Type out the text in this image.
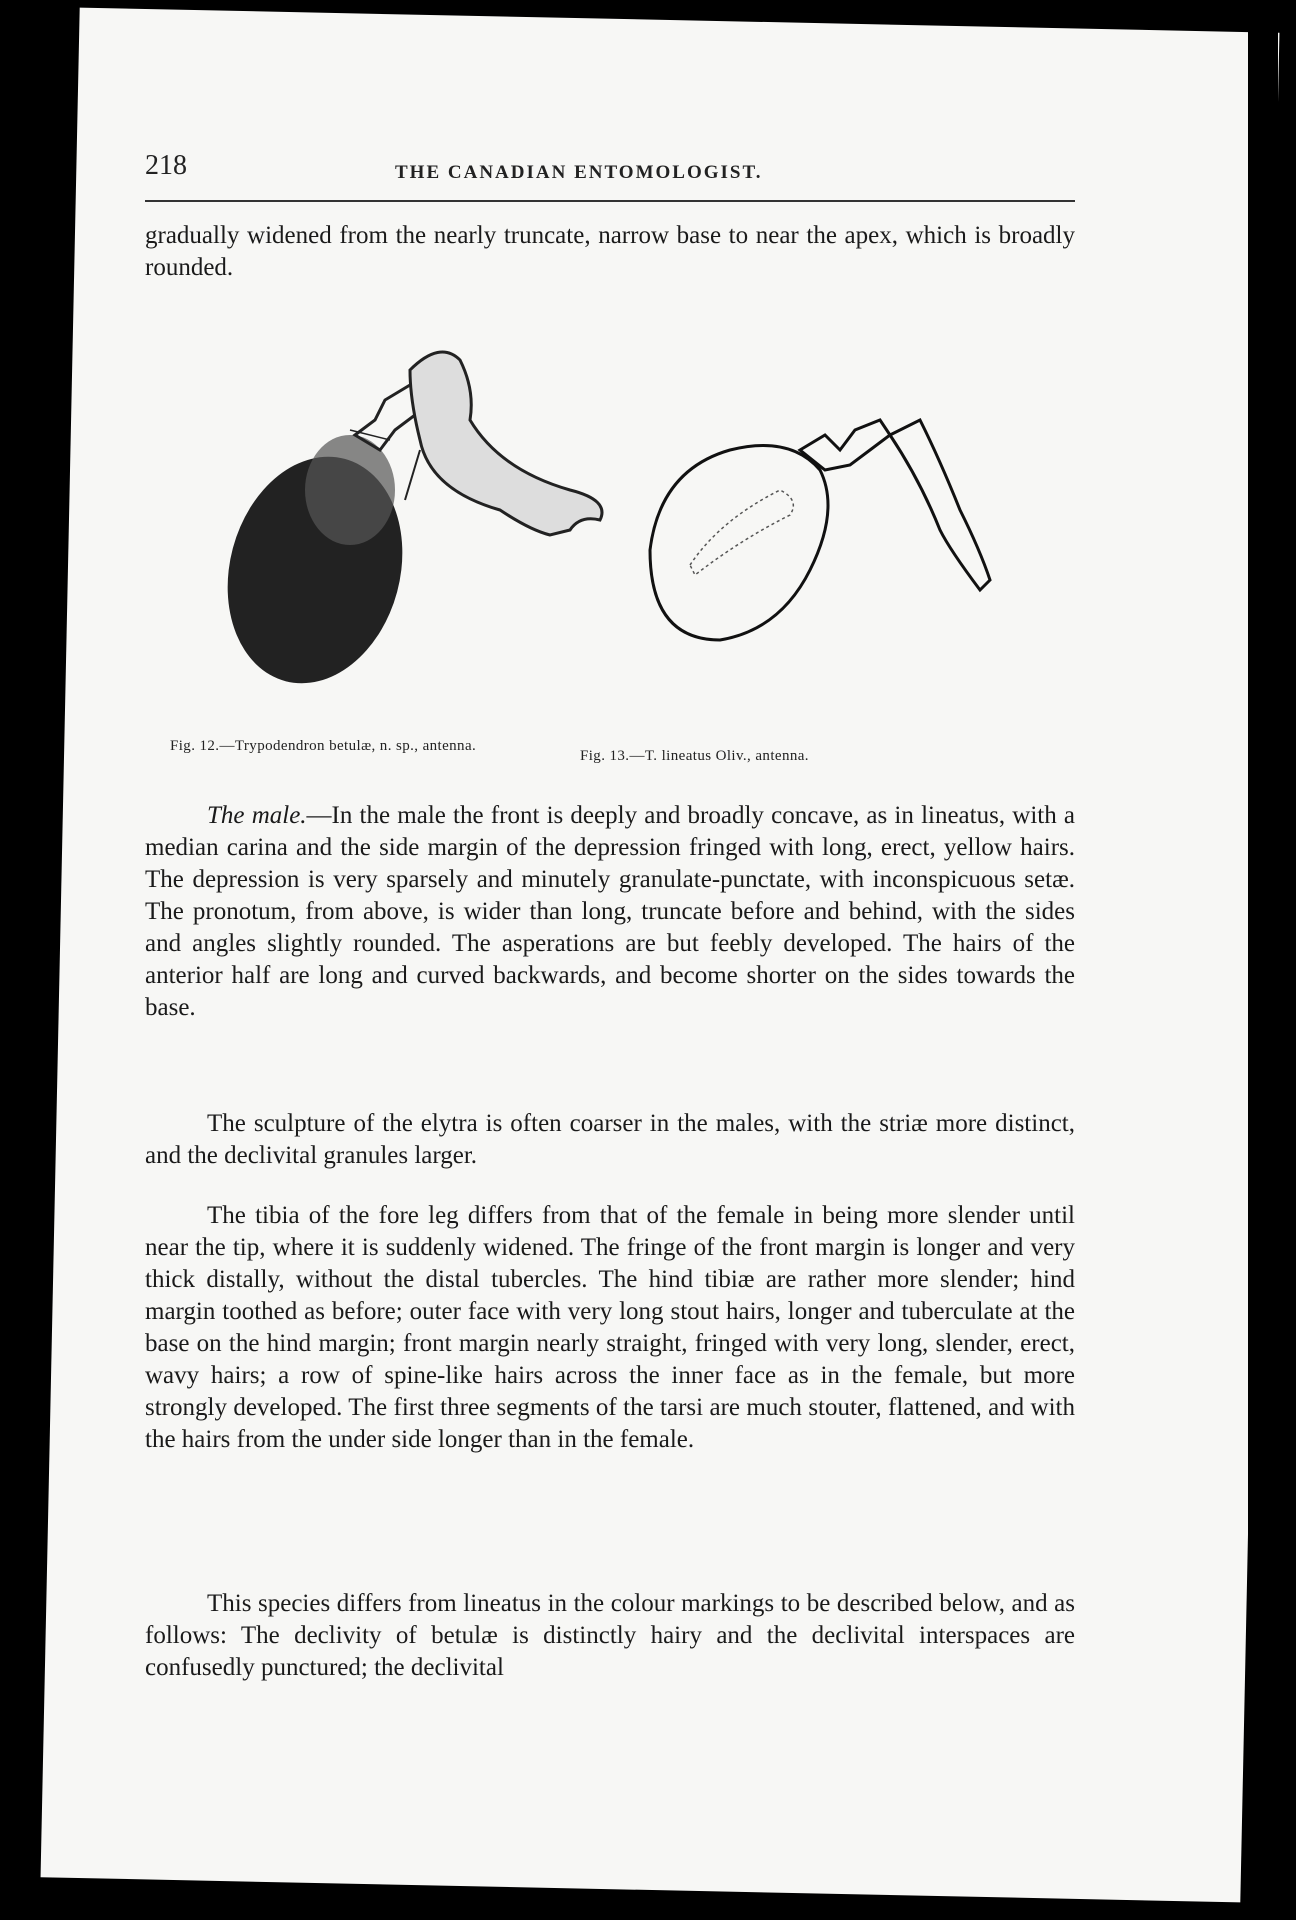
218	THE CANADIAN ENTOMOLOGIST.
gradually widened from the nearly truncate, narrow base to near the apex, which is broadly rounded.
Fig. 12.—Trypodendron betulæ, n. sp., antenna.
Fig. 13.—T. lineatus Oliv., antenna.
The male.—In the male the front is deeply and broadly concave, as in lineatus, with a median carina and the side margin of the depression fringed with long, erect, yellow hairs. The depression is very sparsely and minutely granulate-punctate, with inconspicuous setæ. The pronotum, from above, is wider than long, truncate before and behind, with the sides and angles slightly rounded. The asperations are but feebly developed. The hairs of the anterior half are long and curved backwards, and become shorter on the sides towards the base.
The sculpture of the elytra is often coarser in the males, with the striæ more distinct, and the declivital granules larger.
The tibia of the fore leg differs from that of the female in being more slender until near the tip, where it is suddenly widened. The fringe of the front margin is longer and very thick distally, without the distal tubercles. The hind tibiæ are rather more slender; hind margin toothed as before; outer face with very long stout hairs, longer and tuberculate at the base on the hind margin; front margin nearly straight, fringed with very long, slender, erect, wavy hairs; a row of spine-like hairs across the inner face as in the female, but more strongly developed. The first three segments of the tarsi are much stouter, flattened, and with the hairs from the under side longer than in the female.
This species differs from lineatus in the colour markings to be described below, and as follows: The declivity of betulæ is distinctly hairy and the declivital interspaces are confusedly punctured; the declivital
